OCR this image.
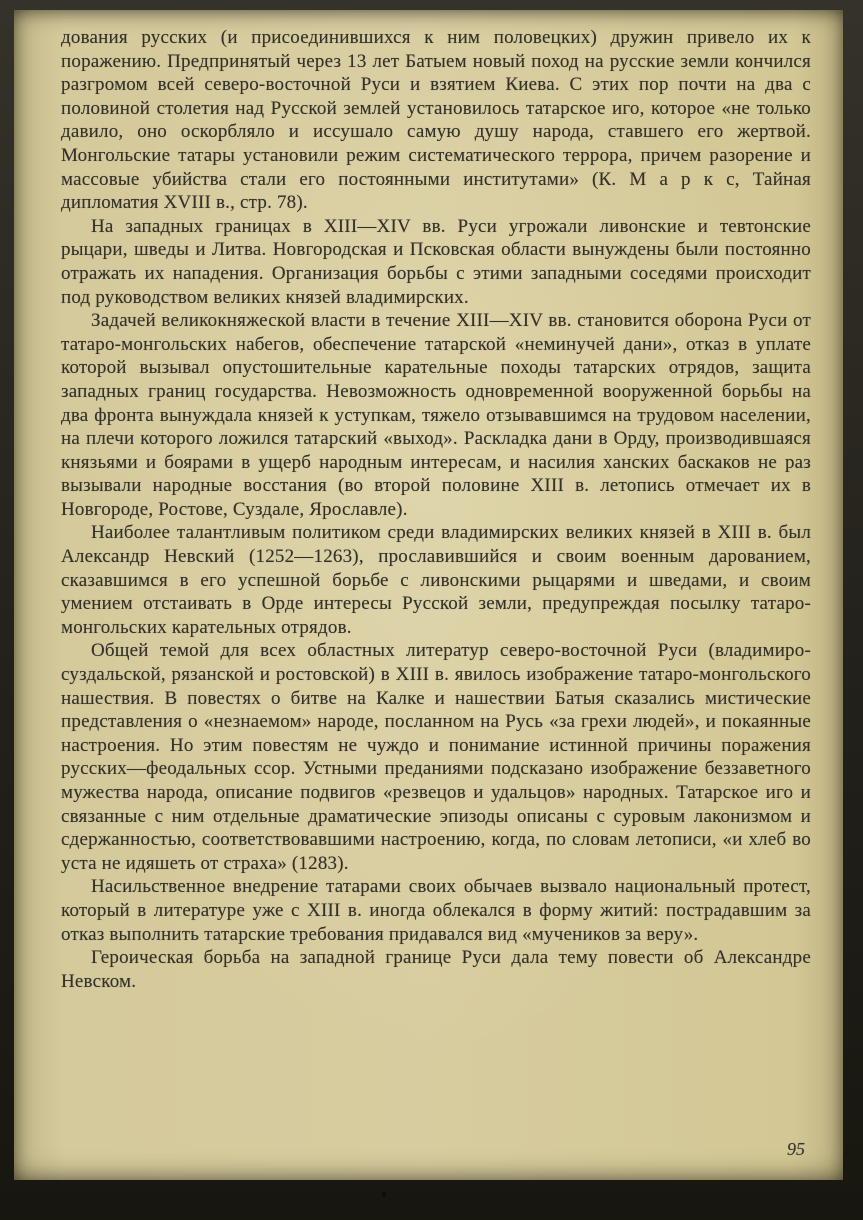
дования русских (и присоединившихся к ним половецких) дружин привело их к поражению. Предпринятый через 13 лет Батыем новый поход на русские земли кончился разгромом всей северо-восточной Руси и взятием Киева. С этих пор почти на два с половиной столетия над Русской землей установилось татарское иго, которое «не только давило, оно оскорбляло и иссушало самую душу народа, ставшего его жертвой. Монгольские татары установили режим систематического террора, причем разорение и массовые убийства стали его постоянными институтами» (К. М а р к с, Тайная дипломатия XVIII в., стр. 78).

На западных границах в XIII—XIV вв. Руси угрожали ливонские и тевтонские рыцари, шведы и Литва. Новгородская и Псковская области вынуждены были постоянно отражать их нападения. Организация борьбы с этими западными соседями происходит под руководством великих князей владимирских.

Задачей великокняжеской власти в течение XIII—XIV вв. становится оборона Руси от татаро-монгольских набегов, обеспечение татарской «неминучей дани», отказ в уплате которой вызывал опустошительные карательные походы татарских отрядов, защита западных границ государства. Невозможность одновременной вооруженной борьбы на два фронта вынуждала князей к уступкам, тяжело отзывавшимся на трудовом населении, на плечи которого ложился татарский «выход». Раскладка дани в Орду, производившаяся князьями и боярами в ущерб народным интересам, и насилия ханских баскаков не раз вызывали народные восстания (во второй половине XIII в. летопись отмечает их в Новгороде, Ростове, Суздале, Ярославле).

Наиболее талантливым политиком среди владимирских великих князей в XIII в. был Александр Невский (1252—1263), прославившийся и своим военным дарованием, сказавшимся в его успешной борьбе с ливонскими рыцарями и шведами, и своим умением отстаивать в Орде интересы Русской земли, предупреждая посылку татаро-монгольских карательных отрядов.

Общей темой для всех областных литератур северо-восточной Руси (владимиро-суздальской, рязанской и ростовской) в XIII в. явилось изображение татаро-монгольского нашествия. В повестях о битве на Калке и нашествии Батыя сказались мистические представления о «незнаемом» народе, посланном на Русь «за грехи людей», и покаянные настроения. Но этим повестям не чуждо и понимание истинной причины поражения русских—феодальных ссор. Устными преданиями подсказано изображение беззаветного мужества народа, описание подвигов «резвецов и удальцов» народных. Татарское иго и связанные с ним отдельные драматические эпизоды описаны с суровым лаконизмом и сдержанностью, соответствовавшими настроению, когда, по словам летописи, «и хлеб во уста не идяшеть от страха» (1283).

Насильственное внедрение татарами своих обычаев вызвало национальный протест, который в литературе уже с XIII в. иногда облекался в форму житий: пострадавшим за отказ выполнить татарские требования придавался вид «мучеников за веру».

Героическая борьба на западной границе Руси дала тему повести об Александре Невском.

95
